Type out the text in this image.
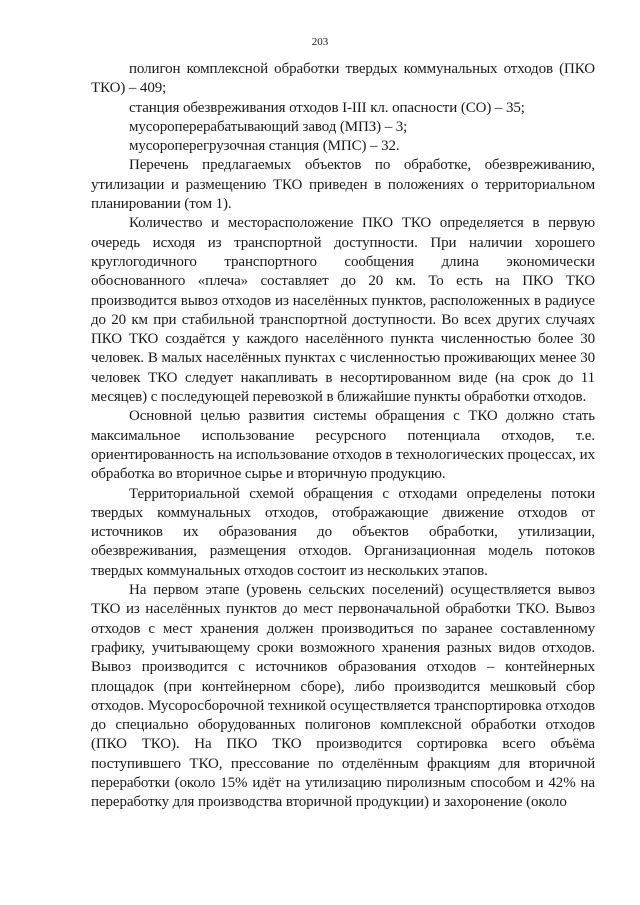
203

полигон комплексной обработки твердых коммунальных отходов (ПКО ТКО) – 409;

станция обезвреживания отходов I-III кл. опасности (СО) – 35;

мусороперерабатывающий завод (МПЗ) – 3;

мусороперегрузочная станция (МПС) – 32.

Перечень предлагаемых объектов по обработке, обезвреживанию, утилизации и размещению ТКО приведен в положениях о территориальном планировании (том 1).

Количество и месторасположение ПКО ТКО определяется в первую очередь исходя из транспортной доступности. При наличии хорошего круглогодичного транспортного сообщения длина экономически обоснованного «плеча» составляет до 20 км. То есть на ПКО ТКО производится вывоз отходов из населённых пунктов, расположенных в радиусе до 20 км при стабильной транспортной доступности. Во всех других случаях ПКО ТКО создаётся у каждого населённого пункта численностью более 30 человек. В малых населённых пунктах с численностью проживающих менее 30 человек ТКО следует накапливать в несортированном виде (на срок до 11 месяцев) с последующей перевозкой в ближайшие пункты обработки отходов.

Основной целью развития системы обращения с ТКО должно стать максимальное использование ресурсного потенциала отходов, т.е. ориентированность на использование отходов в технологических процессах, их обработка во вторичное сырье и вторичную продукцию.

Территориальной схемой обращения с отходами определены потоки твердых коммунальных отходов, отображающие движение отходов от источников их образования до объектов обработки, утилизации, обезвреживания, размещения отходов. Организационная модель потоков твердых коммунальных отходов состоит из нескольких этапов.

На первом этапе (уровень сельских поселений) осуществляется вывоз ТКО из населённых пунктов до мест первоначальной обработки ТКО. Вывоз отходов с мест хранения должен производиться по заранее составленному графику, учитывающему сроки возможного хранения разных видов отходов. Вывоз производится с источников образования отходов – контейнерных площадок (при контейнерном сборе), либо производится мешковый сбор отходов. Мусоросборочной техникой осуществляется транспортировка отходов до специально оборудованных полигонов комплексной обработки отходов (ПКО ТКО). На ПКО ТКО производится сортировка всего объёма поступившего ТКО, прессование по отделённым фракциям для вторичной переработки (около 15% идёт на утилизацию пиролизным способом и 42% на переработку для производства вторичной продукции) и захоронение (около
